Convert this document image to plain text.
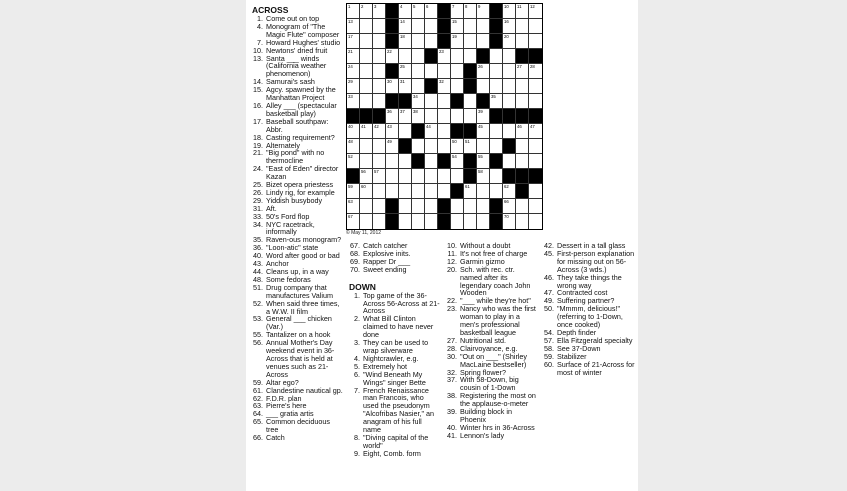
ACROSS
1. Come out on top
4. Monogram of "The Magic Flute" composer
7. Howard Hughes' studio
10. Newtons' dried fruit
13. Santa ___ winds (California weather phenomenon)
14. Samurai's sash
15. Agcy. spawned by the Manhattan Project
16. Alley ___ (spectacular basketball play)
17. Baseball southpaw: Abbr.
18. Casting requirement?
19. Alternately
21. "Big pond" with no thermocline
24. "East of Eden" director Kazan
25. Bizet opera priestess
26. Lindy rig, for example
29. Yiddish busybody
31. Aft.
33. 50's Ford flop
34. NYC racetrack, informally
35. Raven-ous monogram?
36. "Loon-atic" state
40. Word after good or bad
43. Anchor
44. Cleans up, in a way
48. Some fedoras
51. Drug company that manufactures Valium
52. When said three times, a W.W. II film
53. General ___ chicken (Var.)
55. Tantalizer on a hook
56. Annual Mother's Day weekend event in 36-Across that is held at venues such as 21-Across
59. Altar ego?
61. Clandestine nautical gp.
62. F.D.R. plan
63. Pierre's here
64. ___ gratia artis
65. Common deciduous tree
66. Catch
67. Catch catcher
68. Explosive inits.
69. Rapper Dr ___
70. Sweet ending
DOWN
1. Top game of the 36-Across 56-Across at 21-Across
2. What Bill Clinton claimed to have never done
3. They can be used to wrap silverware
4. Nightcrawler, e.g.
5. Extremely hot
6. "Wind Beneath My Wings" singer Bette
7. French Renaissance man Francois, who used the pseudonym "Alcofribas Nasier," an anagram of his full name
8. "Diving capital of the world"
9. Eight, Comb. form
10. Without a doubt
11. It's not free of charge
12. Garmin gizmo
20. Sch. with rec. ctr. named after its legendary coach John Wooden
22. "___ while they're hot"
23. Nancy who was the first woman to play in a men's professional basketball league
27. Nutritional std.
28. Clairvoyance, e.g.
30. "Out on ___" (Shirley MacLaine bestseller)
32. Spring flower?
37. With 58-Down, big cousin of 1-Down
38. Registering the most on the applause-o-meter
39. Building block in Phoenix
40. Winter hrs in 36-Across
41. Lennon's lady
42. Dessert in a tall glass
45. First-person explanation for missing out on 56-Across (3 wds.)
46. They take things the wrong way
47. Contracted cost
49. Suffering partner?
50. "Mmmm, delicious!" (referring to 1-Down, once cooked)
54. Depth finder
57. Ella Fitzgerald specialty
58. See 37-Down
59. Stabilizer
60. Surface of 21-Across for most of winter
1 2 3	4 5 6	7 8 9	10 11 12
13	14	15	16
17	18	19	20
21	22	23
24	25	26	27 28
29	30 31	32
33	34	35
36 37 38	39
40 41 42 43	44	45	46 47
48	49	50 51
52	53	54	55
56 57	58
59 60	61	62
63	64	65	66
67	68	69	70
© May 11, 2012
